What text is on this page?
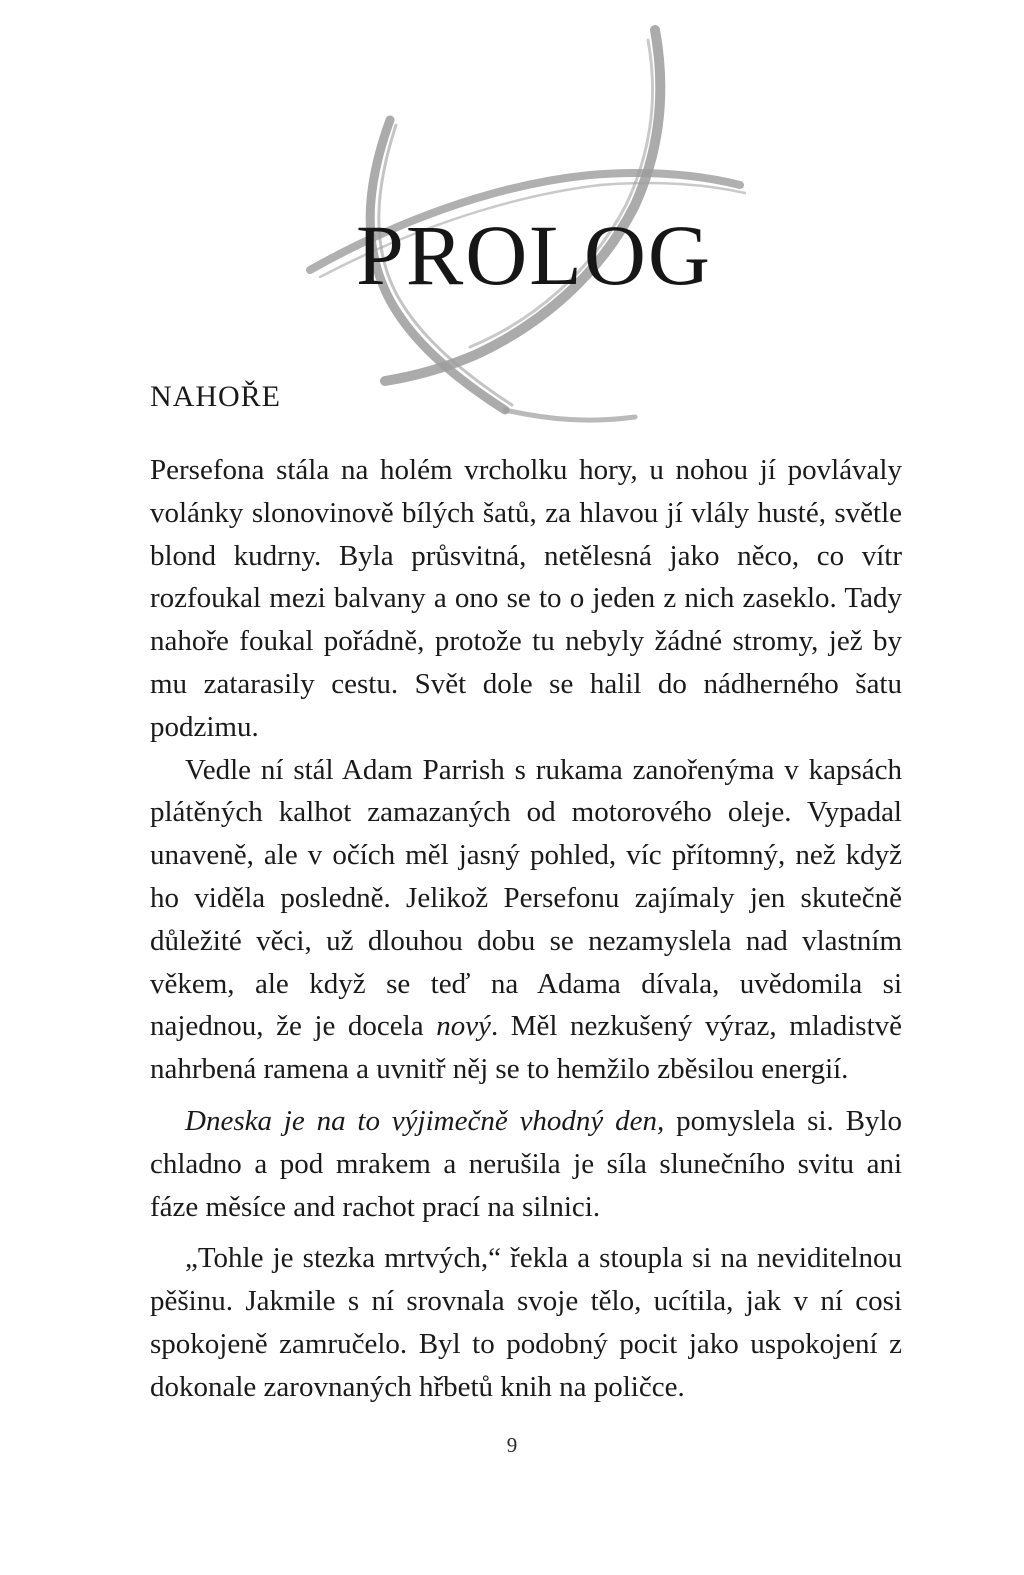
PROLOG
NAHOŘE

Persefona stála na holém vrcholku hory, u nohou jí povlávaly volánky slonovinově bílých šatů, za hlavou jí vlály husté, světle blond kudrny. Byla průsvitná, netělesná jako něco, co vítr rozfoukal mezi balvany a ono se to o jeden z nich zaseklo. Tady nahoře foukal pořádně, protože tu nebyly žádné stromy, jež by mu zatarasily cestu. Svět dole se halil do nádherného šatu podzimu.

Vedle ní stál Adam Parrish s rukama zanořenýma v kapsách plátěných kalhot zamazaných od motorového oleje. Vypadal unaveně, ale v očích měl jasný pohled, víc přítomný, než když ho viděla posledně. Jelikož Persefonu zajímaly jen skutečně důležité věci, už dlouhou dobu se nezamyslela nad vlastním věkem, ale když se teď na Adama dívala, uvědomila si najednou, že je docela nový. Měl nezkušený výraz, mladistvě nahrbená ramena a uvnitř něj se to hemžilo zběsilou energií.

Dneska je na to výjimečně vhodný den, pomyslela si. Bylo chladno a pod mrakem a nerušila je síla slunečního svitu ani fáze měsíce and rachot prací na silnici.

„Tohle je stezka mrtvých,“ řekla a stoupla si na neviditelnou pěšinu. Jakmile s ní srovnala svoje tělo, ucítila, jak v ní cosi spokojeně zamručelo. Byl to podobný pocit jako uspokojení z dokonale zarovnaných hřbetů knih na poličce.

9
